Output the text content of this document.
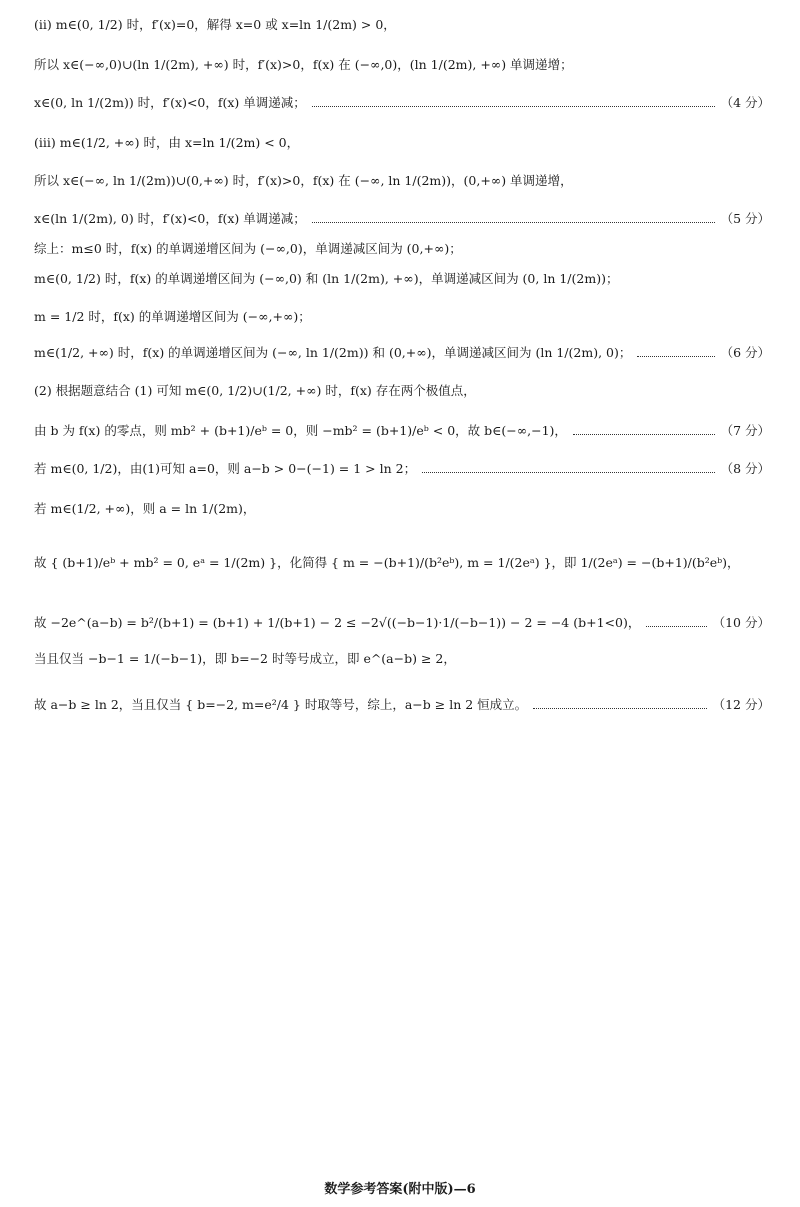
(ii) m∈(0, 1/2) 时，f′(x)=0，解得 x=0 或 x=ln 1/(2m) > 0，
所以 x∈(−∞,0)∪(ln 1/(2m), +∞) 时，f′(x)>0，f(x) 在 (−∞,0)，(ln 1/(2m), +∞) 单调递增；
x∈(0, ln 1/(2m)) 时，f′(x)<0，f(x) 单调递减；	（4 分）
(iii) m∈(1/2, +∞) 时，由 x=ln 1/(2m) < 0，
所以 x∈(−∞, ln 1/(2m))∪(0,+∞) 时，f′(x)>0，f(x) 在 (−∞, ln 1/(2m))，(0,+∞) 单调递增，
x∈(ln 1/(2m), 0) 时，f′(x)<0，f(x) 单调递减；	（5 分）
综上：m≤0 时，f(x) 的单调递增区间为 (−∞,0)，单调递减区间为 (0,+∞)；
m∈(0, 1/2) 时，f(x) 的单调递增区间为 (−∞,0) 和 (ln 1/(2m), +∞)，单调递减区间为 (0, ln 1/(2m))；
m = 1/2 时，f(x) 的单调递增区间为 (−∞,+∞)；
m∈(1/2, +∞) 时，f(x) 的单调递增区间为 (−∞, ln 1/(2m)) 和 (0,+∞)，单调递减区间为 (ln 1/(2m), 0)；	（6 分）
(2) 根据题意结合 (1) 可知 m∈(0, 1/2)∪(1/2, +∞) 时，f(x) 存在两个极值点，
由 b 为 f(x) 的零点，则 mb² + (b+1)/eᵇ = 0，则 −mb² = (b+1)/eᵇ < 0，故 b∈(−∞,−1)，	（7 分）
若 m∈(0, 1/2)，由(1)可知 a=0，则 a−b > 0−(−1) = 1 > ln 2；	（8 分）
若 m∈(1/2, +∞)，则 a = ln 1/(2m)，
故 { (b+1)/eᵇ + mb² = 0, eᵃ = 1/(2m) }，化简得 { m = −(b+1)/(b²eᵇ), m = 1/(2eᵃ) }，即 1/(2eᵃ) = −(b+1)/(b²eᵇ)，
故 −2e^(a−b) = b²/(b+1) = (b+1) + 1/(b+1) − 2 ≤ −2√((−b−1)·1/(−b−1)) − 2 = −4 (b+1<0)，	（10 分）
当且仅当 −b−1 = 1/(−b−1)，即 b=−2 时等号成立，即 e^(a−b) ≥ 2，
故 a−b ≥ ln 2，当且仅当 { b=−2, m=e²/4 } 时取等号，综上，a−b ≥ ln 2 恒成立。	（12 分）
数学参考答案(附中版)—6
